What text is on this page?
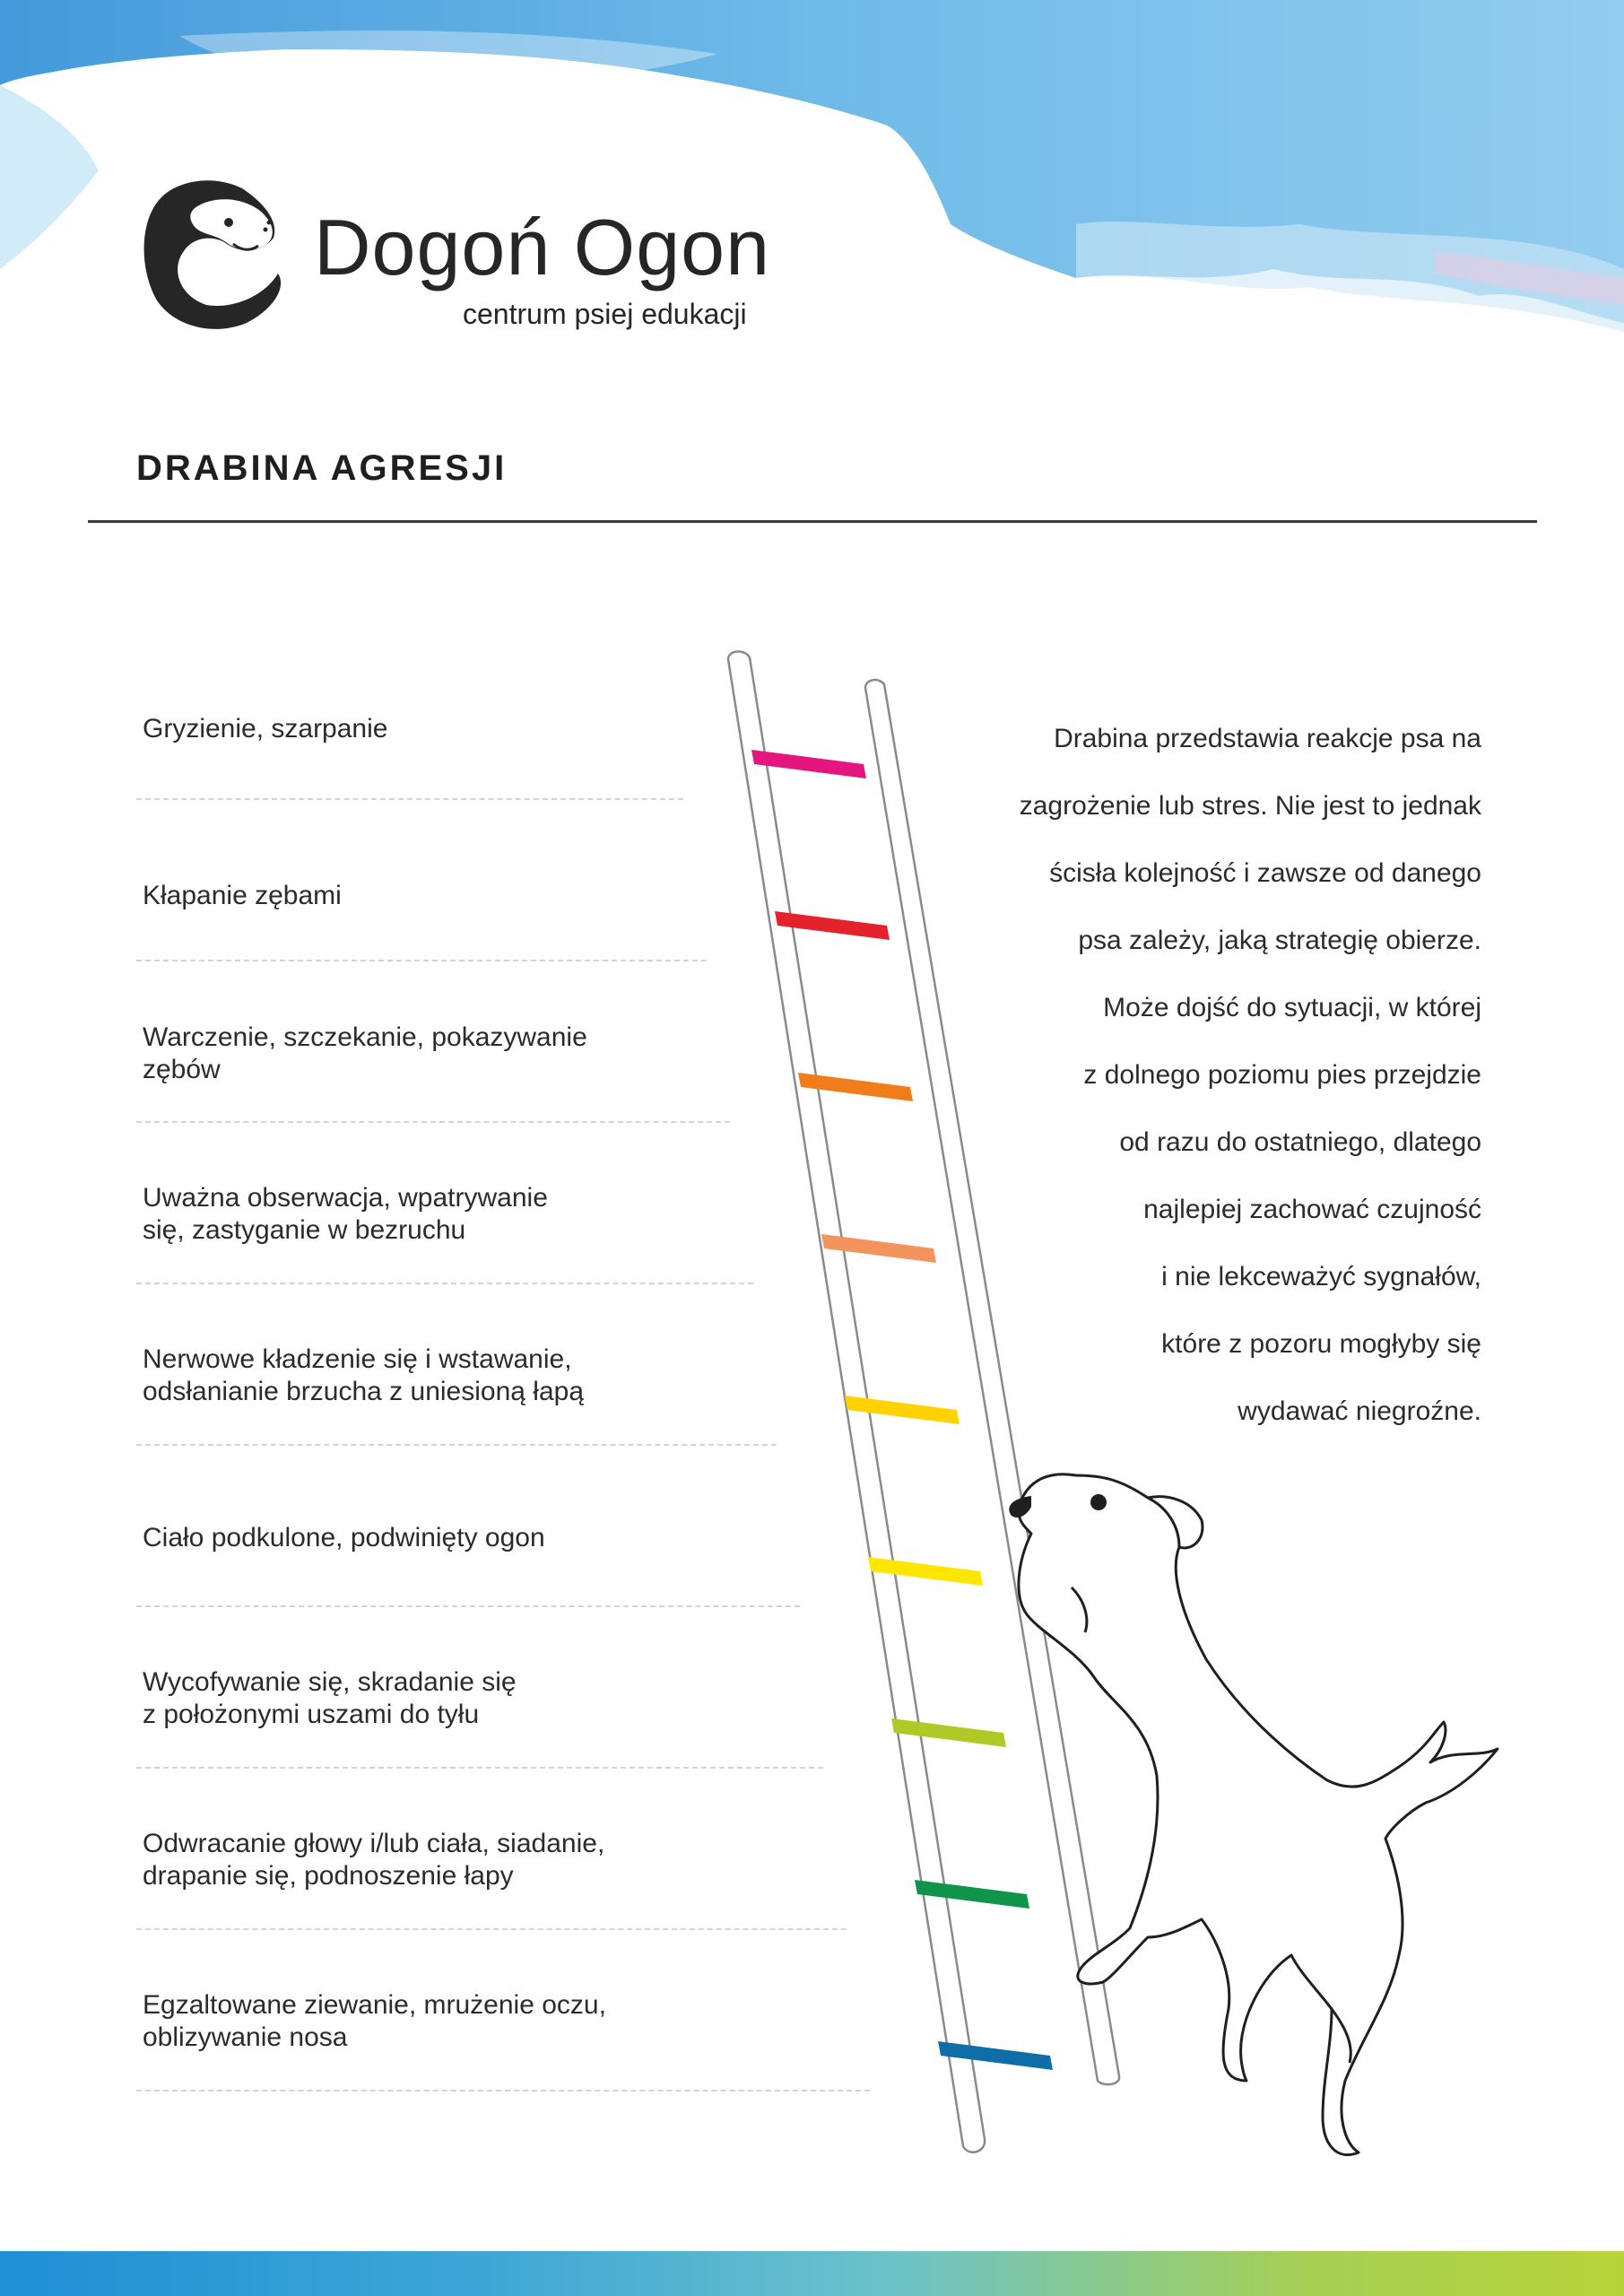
Dogoń Ogon
centrum psiej edukacji
DRABINA AGRESJI
Gryzienie, szarpanie
Kłapanie zębami
Warczenie, szczekanie, pokazywanie
zębów
Uważna obserwacja, wpatrywanie
się, zastyganie w bezruchu
Nerwowe kładzenie się i wstawanie,
odsłanianie brzucha z uniesioną łapą
Ciało podkulone, podwinięty ogon
Wycofywanie się, skradanie się
z położonymi uszami do tyłu
Odwracanie głowy i/lub ciała, siadanie,
drapanie się, podnoszenie łapy
Egzaltowane ziewanie, mrużenie oczu,
oblizywanie nosa
Drabina przedstawia reakcje psa na
zagrożenie lub stres. Nie jest to jednak
ścisła kolejność i zawsze od danego
psa zależy, jaką strategię obierze.
Może dojść do sytuacji, w której
z dolnego poziomu pies przejdzie
od razu do ostatniego, dlatego
najlepiej zachować czujność
i nie lekceważyć sygnałów,
które z pozoru mogłyby się
wydawać niegroźne.
